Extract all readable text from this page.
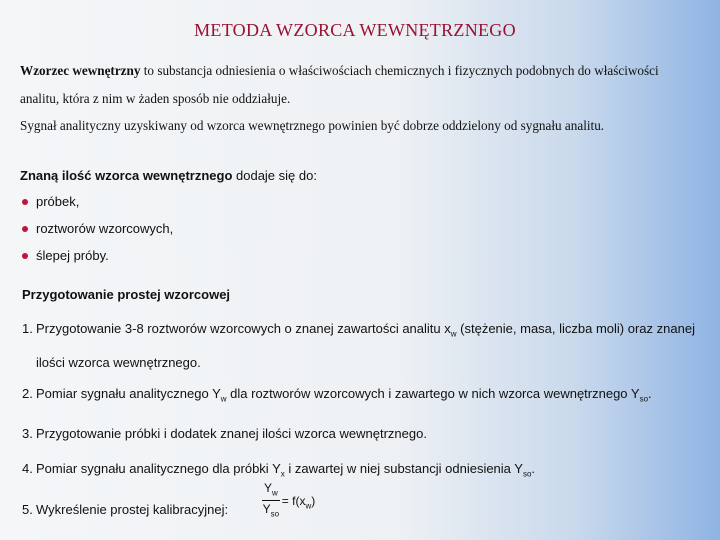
METODA WZORCA WEWNĘTRZNEGO
Wzorzec wewnętrzny to substancja odniesienia o właściwościach chemicznych i fizycznych podobnych do właściwości
analitu, która z nim w żaden sposób nie oddziałuje.
Sygnał analityczny uzyskiwany od wzorca wewnętrznego powinien być dobrze oddzielony od sygnału analitu.
Znaną ilość wzorca wewnętrznego dodaje się do:
próbek,
roztworów wzorcowych,
ślepej próby.
Przygotowanie prostej wzorcowej
1. Przygotowanie 3-8 roztworów wzorcowych o znanej zawartości analitu $x_w$ (stężenie, masa, liczba moli) oraz znanej ilości wzorca wewnętrznego.
2. Pomiar sygnału analitycznego $Y_w$ dla roztworów wzorcowych i zawartego w nich wzorca wewnętrznego $Y_{so}$.
3. Przygotowanie próbki i dodatek znanej ilości wzorca wewnętrznego.
4. Pomiar sygnału analitycznego dla próbki $Y_x$ i zawartej w niej substancji odniesienia $Y_{so}$.
5. Wykreślenie prostej kalibracyjnej:	$\frac{Y_w}{Y_{so}} = f(x_w)$
